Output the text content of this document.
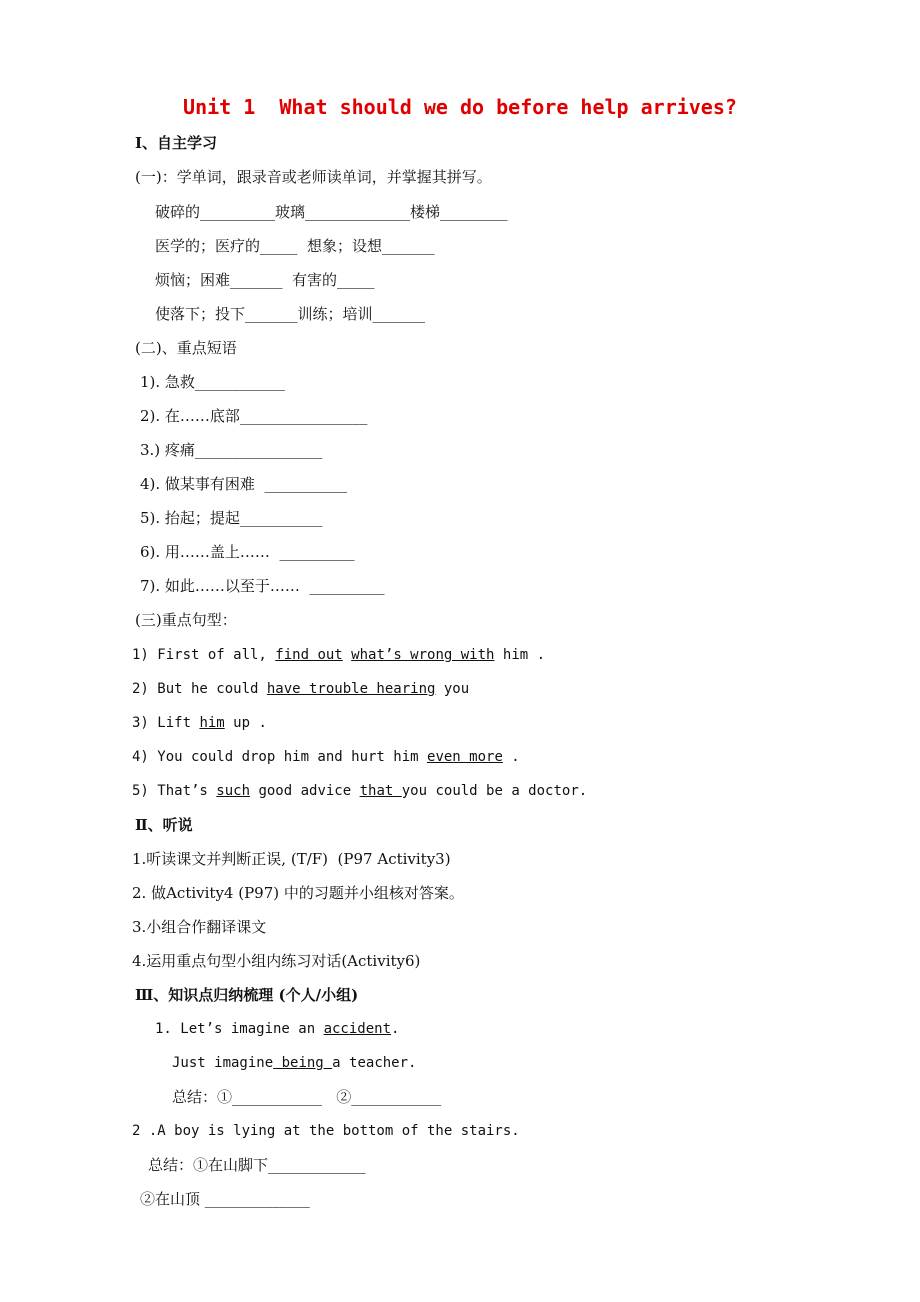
Unit 1  What should we do before help arrives?
Ⅰ、自主学习
(一)：学单词，跟录音或老师读单词，并掌握其拼写。
破碎的__________玻璃______________楼梯_________
医学的；医疗的_____  想象；设想_______
烦恼；困难_______  有害的_____
使落下；投下_______训练；培训_______
(二)、重点短语
1). 急救____________
2). 在……底部_________________
3.) 疼痛_________________
4). 做某事有困难  ___________
5). 抬起；提起___________
6). 用……盖上……  __________
7). 如此……以至于……  __________
(三)重点句型：
1) First of all, find out what’s wrong with him .
2) But he could have trouble hearing you
3) Lift him up .
4) You could drop him and hurt him even more .
5) That’s such good advice that you could be a doctor.
Ⅱ、听说
1.听读课文并判断正误, (T/F)  (P97 Activity3)
2. 做Activity4 (P97) 中的习题并小组核对答案。
3.小组合作翻译课文
4.运用重点句型小组内练习对话(Activity6)
Ⅲ、知识点归纳梳理 (个人/小组)
1. Let’s imagine an accident.
Just imagine being a teacher.
总结：①____________   ②____________
2 .A boy is lying at the bottom of the stairs.
总结：①在山脚下_____________
②在山顶 ______________
